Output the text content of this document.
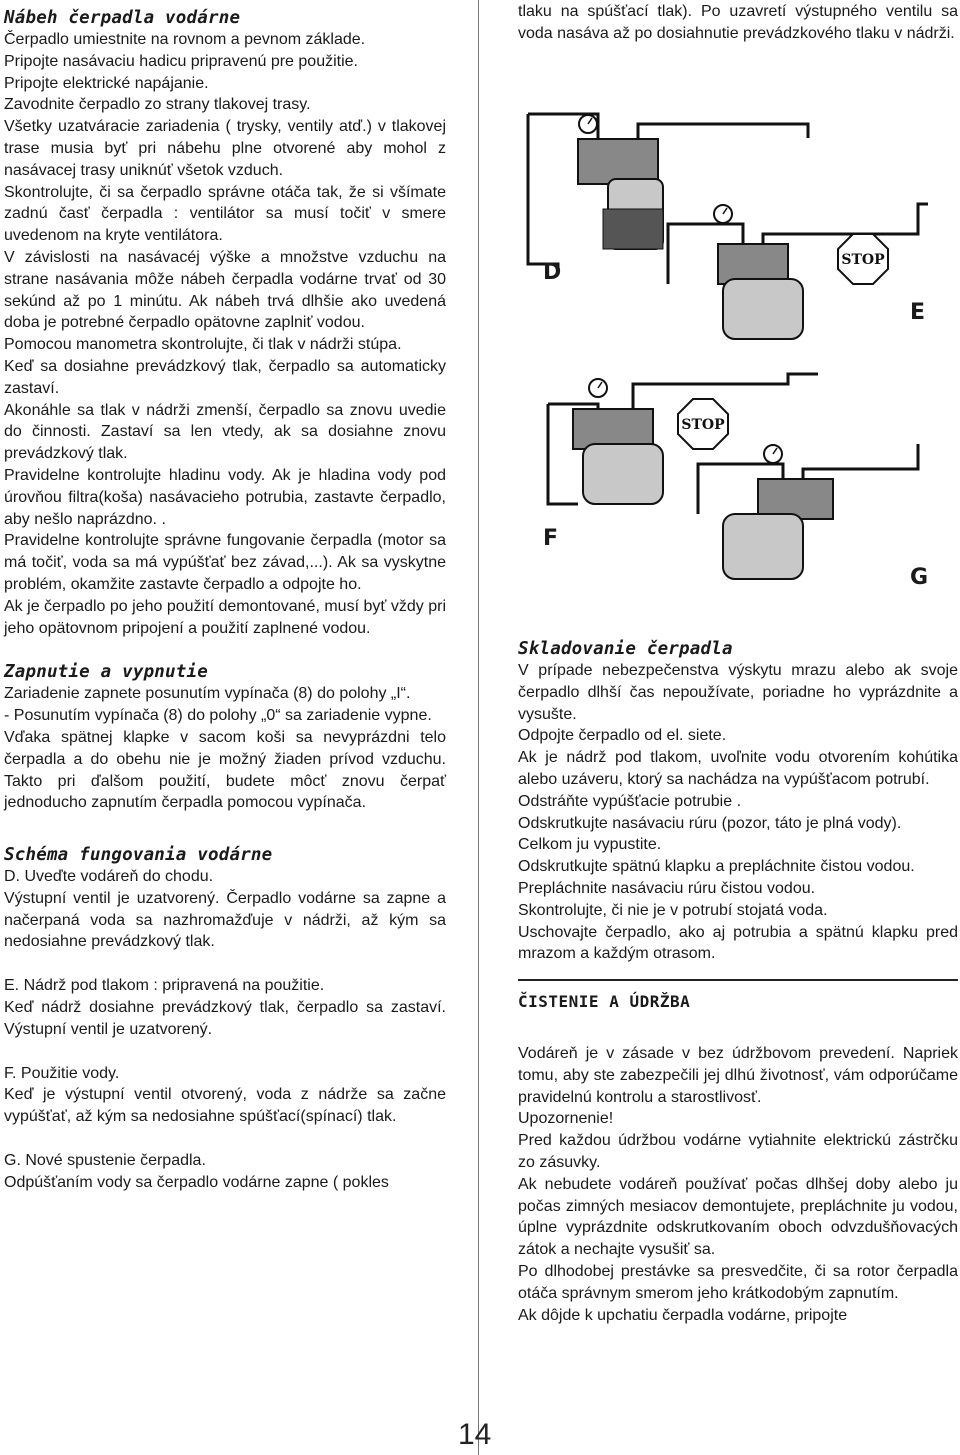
Nábeh čerpadla vodárne

Čerpadlo umiestnite na rovnom a pevnom základe.

Pripojte nasávaciu hadicu pripravenú pre použitie.

Pripojte elektrické napájanie.

Zavodnite čerpadlo zo strany tlakovej trasy.

Všetky uzatváracie zariadenia ( trysky, ventily atď.) v tlakovej trase musia byť pri nábehu plne otvorené aby mohol z nasávacej trasy uniknúť všetok vzduch.

Skontrolujte, či sa čerpadlo správne otáča tak, že si všímate zadnú časť čerpadla : ventilátor sa musí točiť v smere uvedenom na kryte ventilátora.

V závislosti na nasávacéj výške a množstve vzduchu na strane nasávania môže nábeh čerpadla vodárne trvať od 30 sekúnd až po 1 minútu. Ak nábeh trvá dlhšie ako uvedená doba je potrebné čerpadlo opätovne zaplniť vodou.

Pomocou manometra skontrolujte, či tlak v nádrži stúpa.

Keď sa dosiahne prevádzkový tlak, čerpadlo sa automaticky zastaví.

Akonáhle sa tlak v nádrži zmenší, čerpadlo sa znovu uvedie do činnosti. Zastaví sa len vtedy, ak sa dosiahne znovu prevádzkový tlak.

Pravidelne kontrolujte hladinu vody. Ak je hladina vody pod úrovňou filtra(koša) nasávacieho potrubia, zastavte čerpadlo, aby nešlo naprázdno. .

Pravidelne kontrolujte správne fungovanie čerpadla (motor sa má točiť, voda sa má vypúšťať bez závad,...). Ak sa vyskytne problém, okamžite zastavte čerpadlo a odpojte ho.

Ak je čerpadlo po jeho použití demontované, musí byť vždy pri jeho opätovnom pripojení a použití zaplnené vodou.

Zapnutie a vypnutie

Zariadenie zapnete posunutím vypínača (8) do polohy „I“.

- Posunutím vypínača (8) do polohy „0“ sa zariadenie vypne.

Vďaka spätnej klapke v sacom koši sa nevyprázdni telo čerpadla a do obehu nie je možný žiaden prívod vzduchu. Takto pri ďalšom použití, budete môcť znovu čerpať jednoducho zapnutím čerpadla pomocou vypínača.

Schéma fungovania vodárne

D. Uveďte vodáreň do chodu.

Výstupní ventil je uzatvorený. Čerpadlo vodárne sa zapne a načerpaná voda sa nazhromažďuje v nádrži, až kým sa nedosiahne prevádzkový tlak.

E. Nádrž pod tlakom : pripravená na použitie.

Keď nádrž dosiahne prevádzkový tlak, čerpadlo sa zastaví. Výstupní ventil je uzatvorený.

F. Použitie vody.

Keď je výstupní ventil otvorený, voda z nádrže sa začne vypúšťať, až kým sa nedosiahne spúšťací(spínací) tlak.

G. Nové spustenie čerpadla.

Odpúšťaním vody sa čerpadlo vodárne zapne ( pokles

tlaku na spúšťací tlak). Po uzavretí výstupného ventilu sa voda nasáva až po dosiahnutie prevádzkového tlaku v nádrži.

STOP
STOP
D
E
F
G
Skladovanie čerpadla

V prípade nebezpečenstva výskytu mrazu alebo ak svoje čerpadlo dlhší čas nepoužívate, poriadne ho vyprázdnite a vysušte.

Odpojte čerpadlo od el. siete.

Ak je nádrž pod tlakom, uvoľnite vodu otvorením kohútika alebo uzáveru, ktorý sa nachádza na vypúšťacom potrubí.

Odstráňte vypúšťacie potrubie .

Odskrutkujte nasávaciu rúru (pozor, táto je plná vody).

Celkom ju vypustite.

Odskrutkujte spätnú klapku a prepláchnite čistou vodou.

Prepláchnite nasávaciu rúru čistou vodou.

Skontrolujte, či nie je v potrubí stojatá voda.

Uschovajte čerpadlo, ako aj potrubia a spätnú klapku pred mrazom a každým otrasom.

ČISTENIE A ÚDRŽBA

Vodáreň je v zásade v bez údržbovom prevedení. Napriek tomu, aby ste zabezpečili jej dlhú životnosť, vám odporúčame pravidelnú kontrolu a starostlivosť.

Upozornenie!

Pred každou údržbou vodárne vytiahnite elektrickú zástrčku zo zásuvky.

Ak nebudete vodáreň používať počas dlhšej doby alebo ju počas zimných mesiacov demontujete, prepláchnite ju vodou, úplne vyprázdnite odskrutkovaním oboch odvzdušňovacých zátok a nechajte vysušiť sa.

Po dlhodobej prestávke sa presvedčite, či sa rotor čerpadla otáča správnym smerom jeho krátkodobým zapnutím.

Ak dôjde k upchatiu čerpadla vodárne, pripojte

14
